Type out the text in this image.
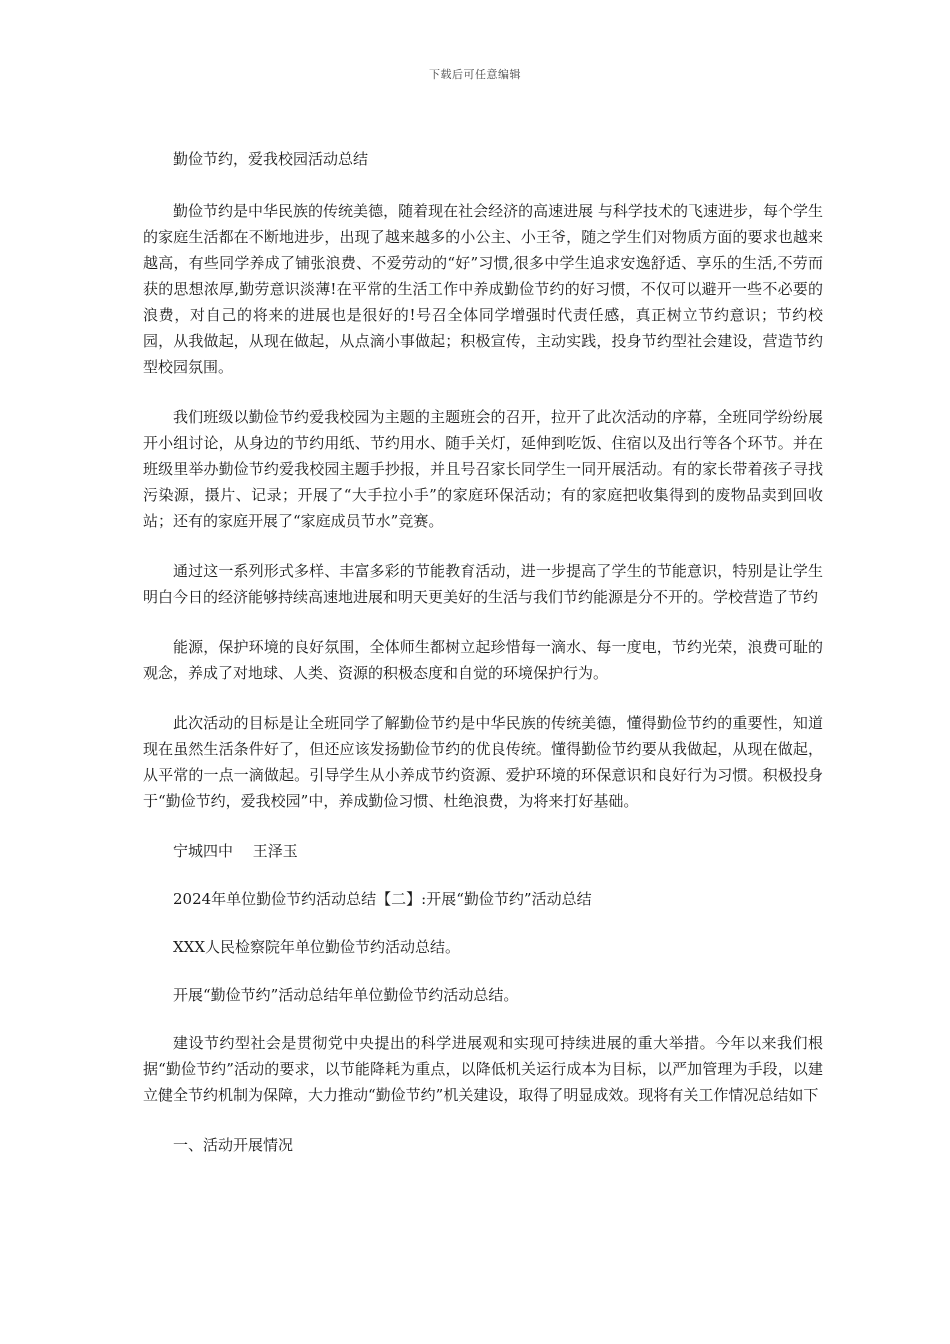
下载后可任意编辑

勤俭节约，爱我校园活动总结

勤俭节约是中华民族的传统美德，随着现在社会经济的高速进展 与科学技术的飞速进步，每个学生的家庭生活都在不断地进步，出现了越来越多的小公主、小王爷，随之学生们对物质方面的要求也越来越高，有些同学养成了铺张浪费、不爱劳动的“好”习惯,很多中学生追求安逸舒适、享乐的生活,不劳而获的思想浓厚,勤劳意识淡薄!在平常的生活工作中养成勤俭节约的好习惯，不仅可以避开一些不必要的浪费，对自己的将来的进展也是很好的!号召全体同学增强时代责任感，真正树立节约意识；节约校园，从我做起，从现在做起，从点滴小事做起；积极宣传，主动实践，投身节约型社会建设，营造节约型校园氛围。

我们班级以勤俭节约爱我校园为主题的主题班会的召开，拉开了此次活动的序幕，全班同学纷纷展开小组讨论，从身边的节约用纸、节约用水、随手关灯，延伸到吃饭、住宿以及出行等各个环节。并在班级里举办勤俭节约爱我校园主题手抄报，并且号召家长同学生一同开展活动。有的家长带着孩子寻找污染源，摄片、记录；开展了“大手拉小手”的家庭环保活动；有的家庭把收集得到的废物品卖到回收站；还有的家庭开展了“家庭成员节水”竞赛。

通过这一系列形式多样、丰富多彩的节能教育活动，进一步提高了学生的节能意识，特别是让学生明白今日的经济能够持续高速地进展和明天更美好的生活与我们节约能源是分不开的。学校营造了节约

能源，保护环境的良好氛围，全体师生都树立起珍惜每一滴水、每一度电，节约光荣，浪费可耻的观念，养成了对地球、人类、资源的积极态度和自觉的环境保护行为。

此次活动的目标是让全班同学了解勤俭节约是中华民族的传统美德，懂得勤俭节约的重要性，知道现在虽然生活条件好了，但还应该发扬勤俭节约的优良传统。懂得勤俭节约要从我做起，从现在做起，从平常的一点一滴做起。引导学生从小养成节约资源、爱护环境的环保意识和良好行为习惯。积极投身于“勤俭节约，爱我校园”中，养成勤俭习惯、杜绝浪费，为将来打好基础。

宁城四中　 王泽玉

2024年单位勤俭节约活动总结【二】:开展“勤俭节约”活动总结

XXX人民检察院年单位勤俭节约活动总结。

开展“勤俭节约”活动总结年单位勤俭节约活动总结。

建设节约型社会是贯彻党中央提出的科学进展观和实现可持续进展的重大举措。今年以来我们根据“勤俭节约”活动的要求，以节能降耗为重点，以降低机关运行成本为目标，以严加管理为手段，以建立健全节约机制为保障，大力推动“勤俭节约”机关建设，取得了明显成效。现将有关工作情况总结如下

一、活动开展情况
